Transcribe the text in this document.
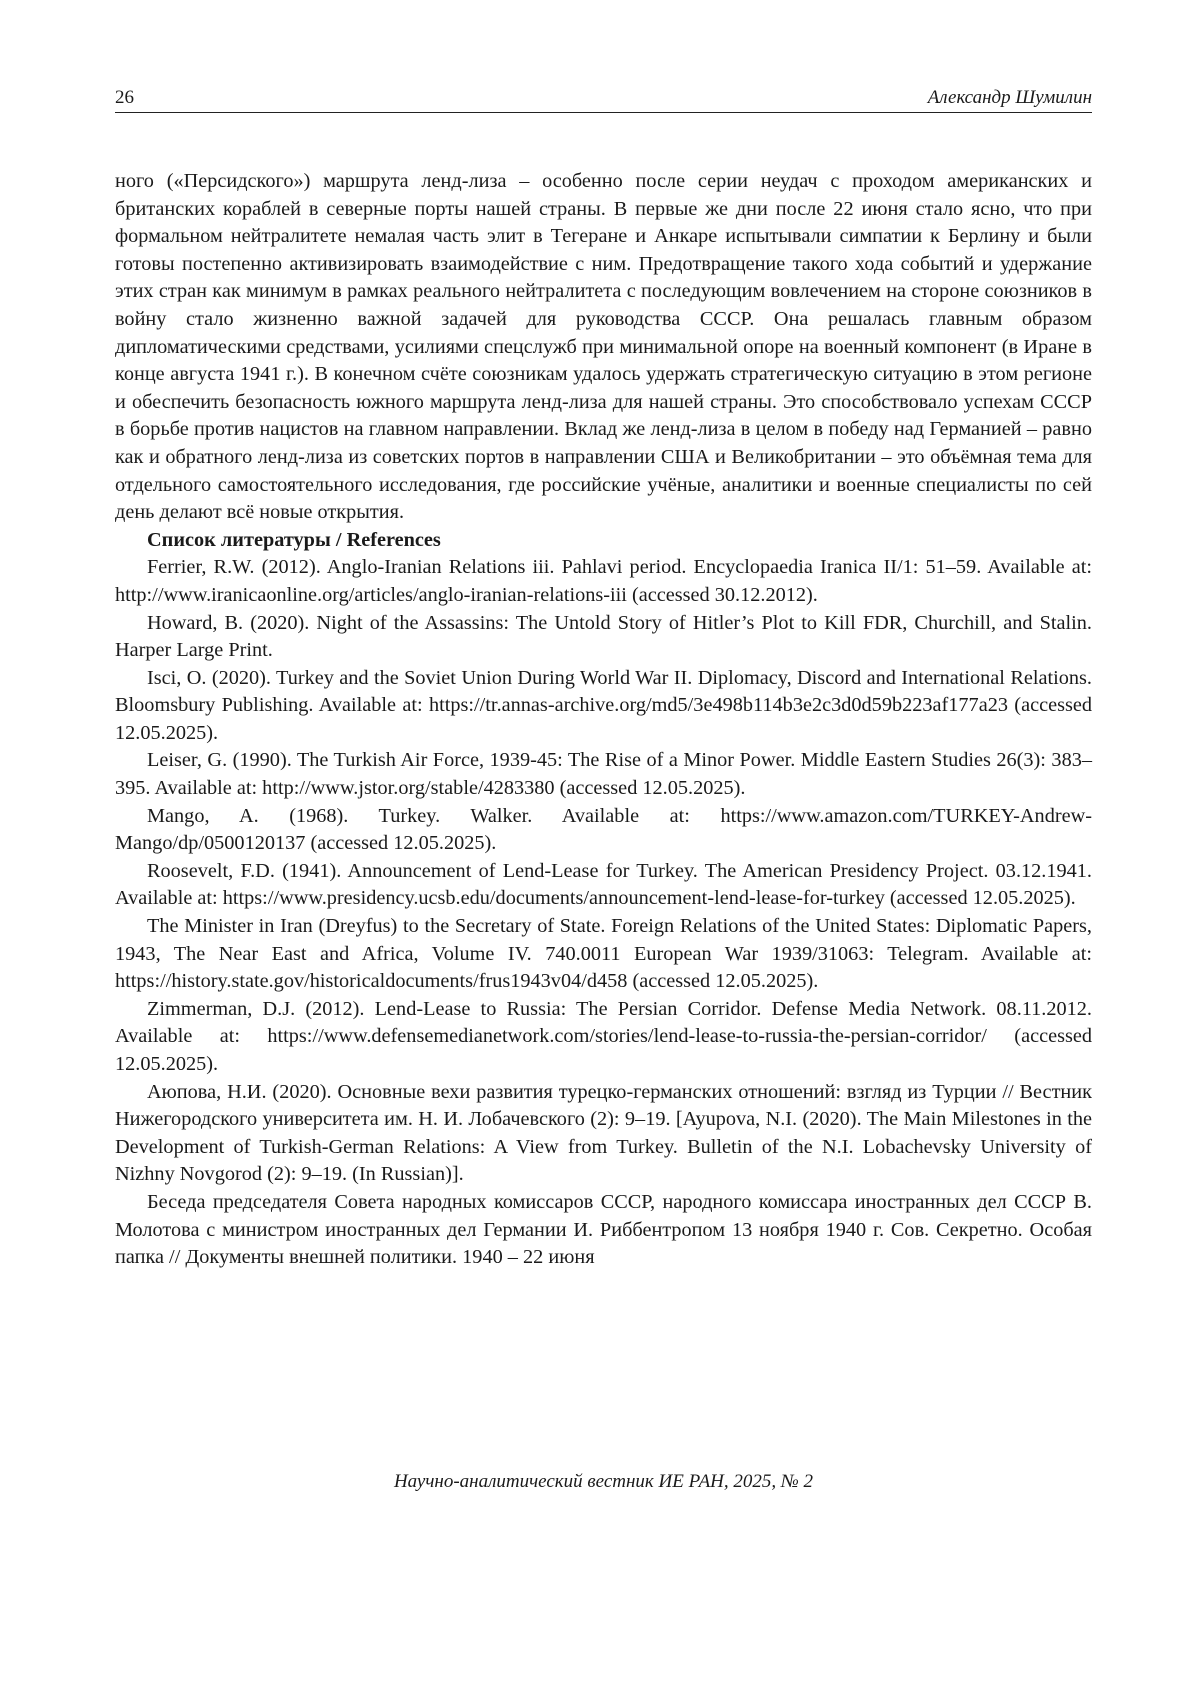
26	Александр Шумилин

ного («Персидского») маршрута ленд-лиза – особенно после серии неудач с проходом американских и британских кораблей в северные порты нашей страны. В первые же дни после 22 июня стало ясно, что при формальном нейтралитете немалая часть элит в Тегеране и Анкаре испытывали симпатии к Берлину и были готовы постепенно активизировать взаимодействие с ним. Предотвращение такого хода событий и удержание этих стран как минимум в рамках реального нейтралитета с последующим вовлечением на стороне союзников в войну стало жизненно важной задачей для руководства СССР. Она решалась главным образом дипломатическими средствами, усилиями спецслужб при минимальной опоре на военный компонент (в Иране в конце августа 1941 г.). В конечном счёте союзникам удалось удержать стратегическую ситуацию в этом регионе и обеспечить безопасность южного маршрута ленд-лиза для нашей страны. Это способствовало успехам СССР в борьбе против нацистов на главном направлении. Вклад же ленд-лиза в целом в победу над Германией – равно как и обратного ленд-лиза из советских портов в направлении США и Великобритании – это объёмная тема для отдельного самостоятельного исследования, где российские учёные, аналитики и военные специалисты по сей день делают всё новые открытия.

Список литературы / References

Ferrier, R.W. (2012). Anglo-Iranian Relations iii. Pahlavi period. Encyclopaedia Iranica II/1: 51–59. Available at: http://www.iranicaonline.org/articles/anglo-iranian-relations-iii (accessed 30.12.2012).

Howard, B. (2020). Night of the Assassins: The Untold Story of Hitler’s Plot to Kill FDR, Churchill, and Stalin. Harper Large Print.

Isci, O. (2020). Turkey and the Soviet Union During World War II. Diplomacy, Discord and International Relations. Bloomsbury Publishing. Available at: https://tr.annas-archive.org/md5/3e498b114b3e2c3d0d59b223af177a23 (accessed 12.05.2025).

Leiser, G. (1990). The Turkish Air Force, 1939-45: The Rise of a Minor Power. Middle Eastern Studies 26(3): 383–395. Available at: http://www.jstor.org/stable/4283380 (accessed 12.05.2025).

Mango, A. (1968). Turkey. Walker. Available at: https://www.amazon.com/TURKEY-Andrew-Mango/dp/0500120137 (accessed 12.05.2025).

Roosevelt, F.D. (1941). Announcement of Lend-Lease for Turkey. The American Presidency Project. 03.12.1941. Available at: https://www.presidency.ucsb.edu/documents/announcement-lend-lease-for-turkey (accessed 12.05.2025).

The Minister in Iran (Dreyfus) to the Secretary of State. Foreign Relations of the United States: Diplomatic Papers, 1943, The Near East and Africa, Volume IV. 740.0011 European War 1939/31063: Telegram. Available at: https://history.state.gov/historicaldocuments/frus1943v04/d458 (accessed 12.05.2025).

Zimmerman, D.J. (2012). Lend-Lease to Russia: The Persian Corridor. Defense Media Network. 08.11.2012. Available at: https://www.defensemedianetwork.com/stories/lend-lease-to-russia-the-persian-corridor/ (accessed 12.05.2025).

Аюпова, Н.И. (2020). Основные вехи развития турецко-германских отношений: взгляд из Турции // Вестник Нижегородского университета им. Н. И. Лобачевского (2): 9–19. [Ayupova, N.I. (2020). The Main Milestones in the Development of Turkish-German Relations: A View from Turkey. Bulletin of the N.I. Lobachevsky University of Nizhny Novgorod (2): 9–19. (In Russian)].

Беседа председателя Совета народных комиссаров СССР, народного комиссара иностранных дел СССР В. Молотова с министром иностранных дел Германии И. Риббентропом 13 ноября 1940 г. Сов. Секретно. Особая папка // Документы внешней политики. 1940 – 22 июня

Научно-аналитический вестник ИЕ РАН, 2025, № 2
